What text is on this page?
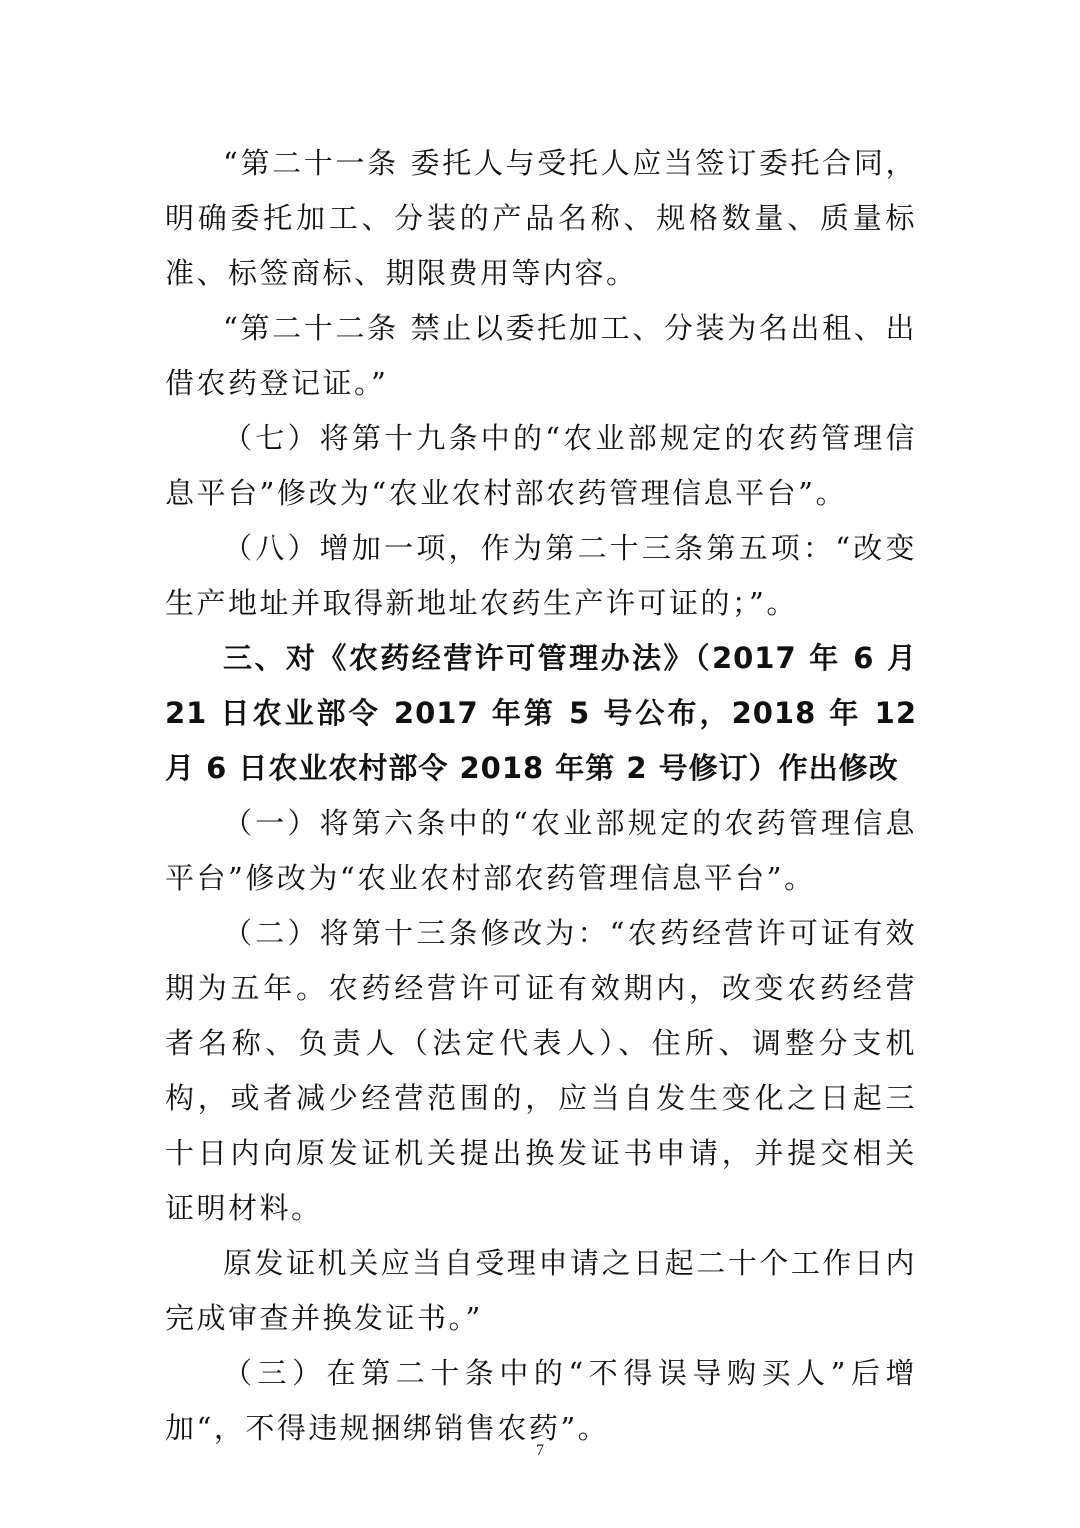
“第二十一条 委托人与受托人应当签订委托合同，明确委托加工、分装的产品名称、规格数量、质量标准、标签商标、期限费用等内容。

“第二十二条 禁止以委托加工、分装为名出租、出借农药登记证。”

（七）将第十九条中的“农业部规定的农药管理信息平台”修改为“农业农村部农药管理信息平台”。

（八）增加一项，作为第二十三条第五项：“改变生产地址并取得新地址农药生产许可证的；”。

三、对《农药经营许可管理办法》（2017 年 6 月 21 日农业部令 2017 年第 5 号公布，2018 年 12 月 6 日农业农村部令 2018 年第 2 号修订）作出修改

（一）将第六条中的“农业部规定的农药管理信息平台”修改为“农业农村部农药管理信息平台”。

（二）将第十三条修改为：“农药经营许可证有效期为五年。农药经营许可证有效期内，改变农药经营者名称、负责人（法定代表人）、住所、调整分支机构，或者减少经营范围的，应当自发生变化之日起三十日内向原发证机关提出换发证书申请，并提交相关证明材料。

原发证机关应当自受理申请之日起二十个工作日内完成审查并换发证书。”

（三）在第二十条中的“不得误导购买人”后增加“，不得违规捆绑销售农药”。

7
